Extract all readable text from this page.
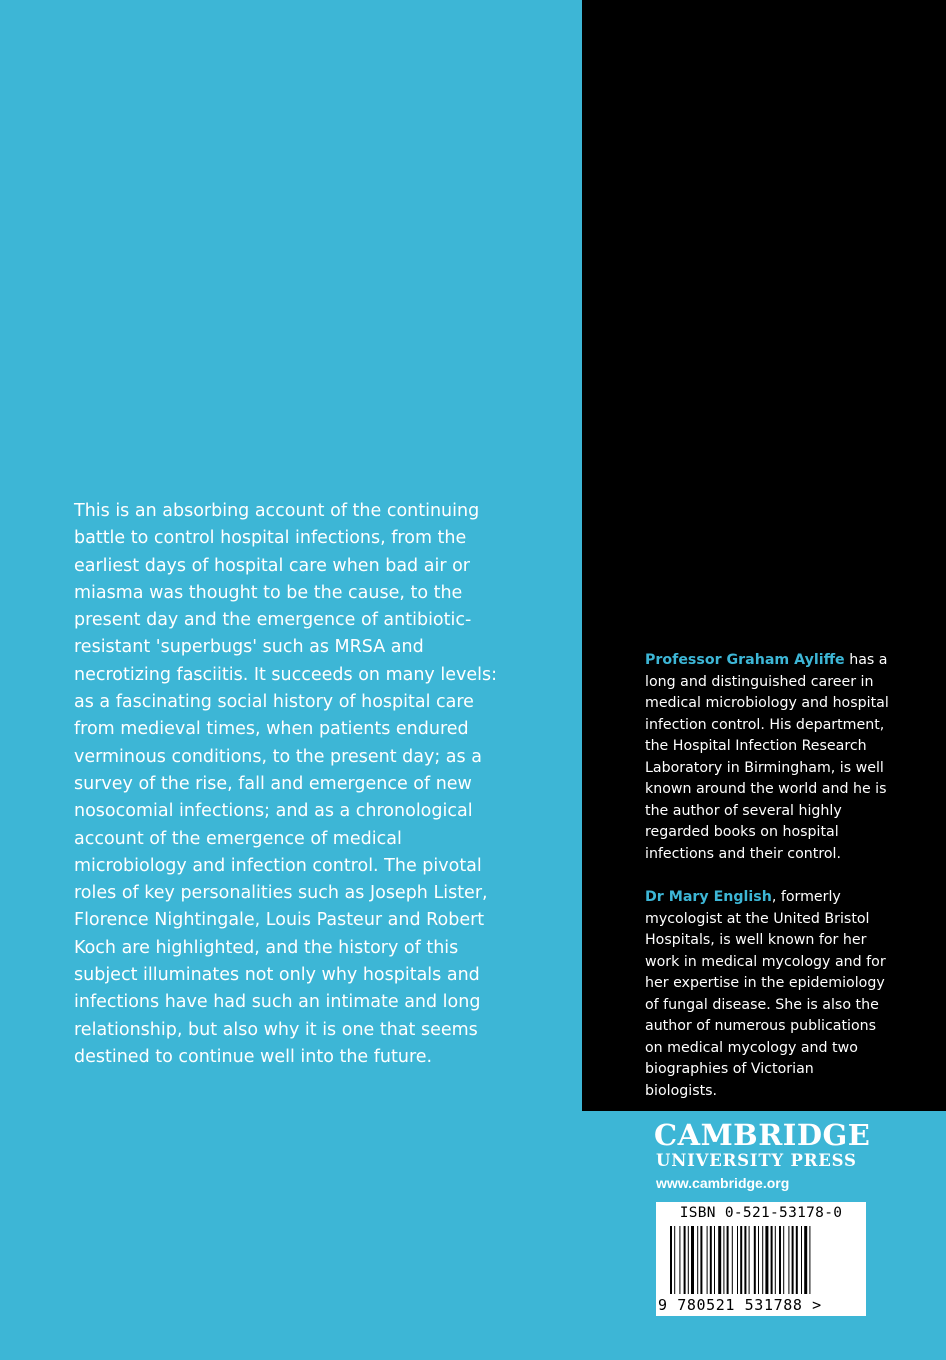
This is an absorbing account of the continuing battle to control hospital infections, from the earliest days of hospital care when bad air or miasma was thought to be the cause, to the present day and the emergence of antibiotic-resistant 'superbugs' such as MRSA and necrotizing fasciitis. It succeeds on many levels: as a fascinating social history of hospital care from medieval times, when patients endured verminous conditions, to the present day; as a survey of the rise, fall and emergence of new nosocomial infections; and as a chronological account of the emergence of medical microbiology and infection control. The pivotal roles of key personalities such as Joseph Lister, Florence Nightingale, Louis Pasteur and Robert Koch are highlighted, and the history of this subject illuminates not only why hospitals and infections have had such an intimate and long relationship, but also why it is one that seems destined to continue well into the future.

Professor Graham Ayliffe has a long and distinguished career in medical microbiology and hospital infection control. His department, the Hospital Infection Research Laboratory in Birmingham, is well known around the world and he is the author of several highly regarded books on hospital infections and their control.

Dr Mary English, formerly mycologist at the United Bristol Hospitals, is well known for her work in medical mycology and for her expertise in the epidemiology of fungal disease. She is also the author of numerous publications on medical mycology and two biographies of Victorian biologists.

CAMBRIDGE
UNIVERSITY PRESS
www.cambridge.org
ISBN 0-521-53178-0
9 780521 531788 >
